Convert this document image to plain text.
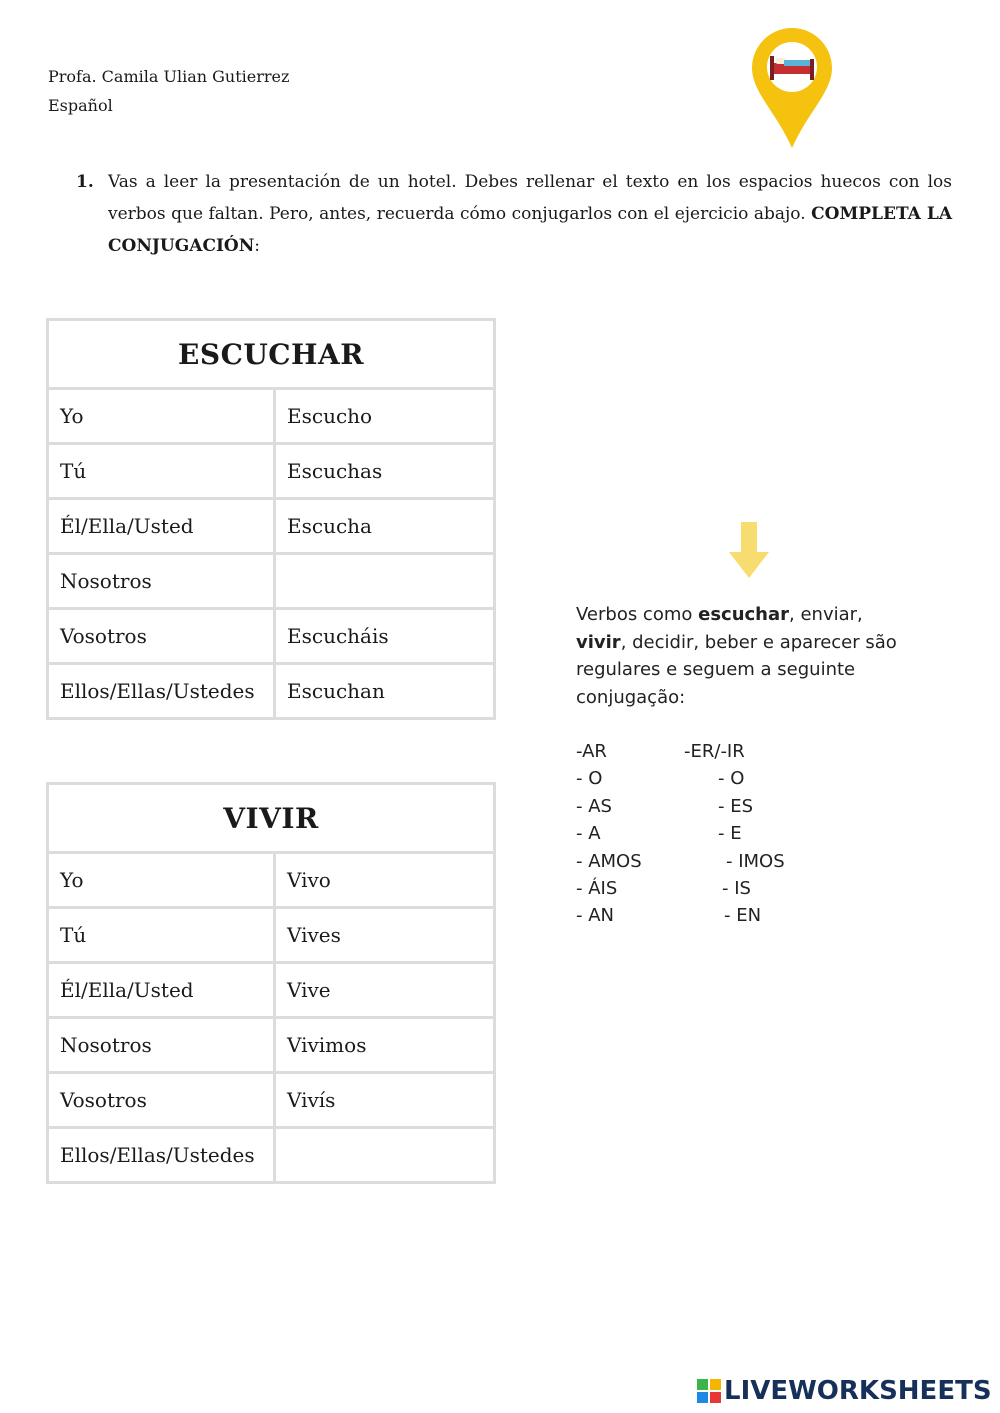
Profa. Camila Ulian Gutierrez
Español
1. Vas a leer la presentación de un hotel. Debes rellenar el texto en los espacios huecos con los verbos que faltan. Pero, antes, recuerda cómo conjugarlos con el ejercicio abajo. COMPLETA LA CONJUGACIÓN:
ESCUCHAR	
Yo	Escucho
Tú	Escuchas
Él/Ella/Usted	Escucha
Nosotros	
Vosotros	Escucháis
Ellos/Ellas/Ustedes	Escuchan
VIVIR	
Yo	Vivo
Tú	Vives
Él/Ella/Usted	Vive
Nosotros	Vivimos
Vosotros	Vivís
Ellos/Ellas/Ustedes	
Verbos como escuchar, enviar, vivir, decidir, beber e aparecer são regulares e seguem a seguinte conjugação:
-AR	-ER/-IR
- O	- O
- AS	- ES
- A	- E
- AMOS	- IMOS
- ÁIS	- IS
- AN	- EN
LIVEWORKSHEETS
